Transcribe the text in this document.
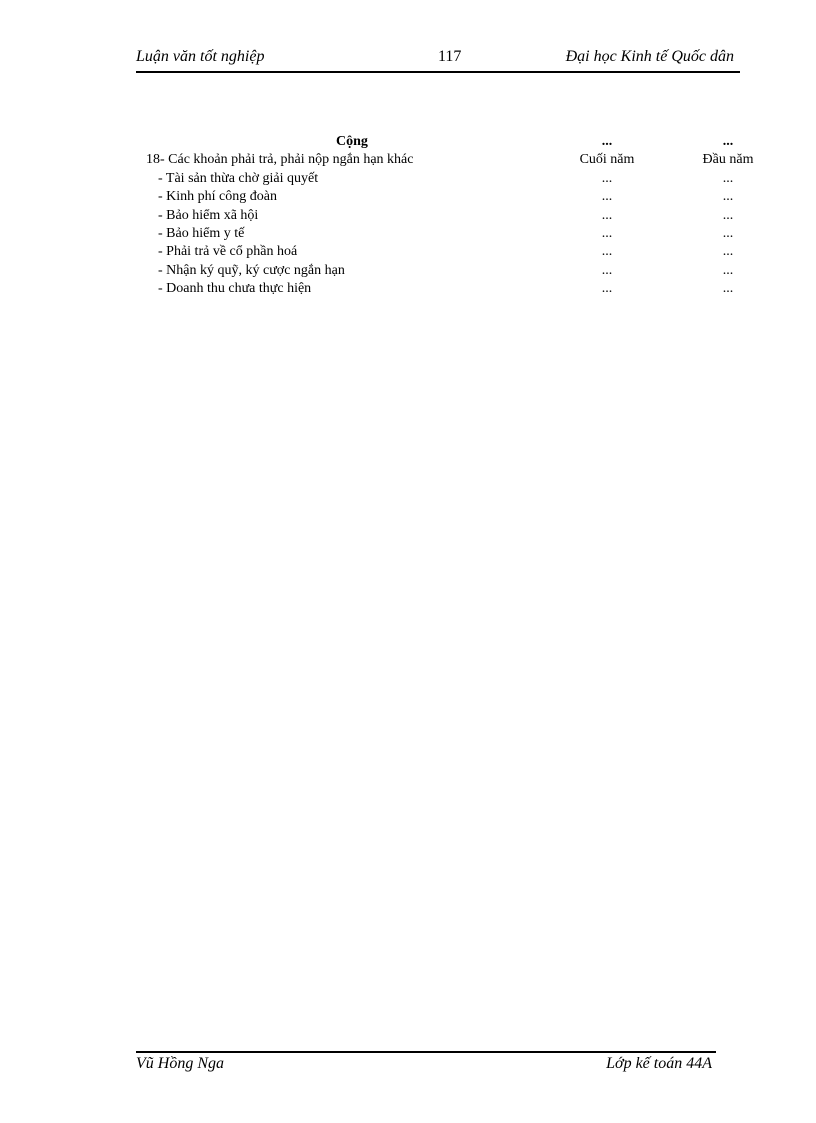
Luận văn tốt nghiệp	117	Đại học Kinh tế Quốc dân
Cộng	...	...
18- Các khoản phải trả, phải nộp ngắn hạn khác	Cuối năm	Đầu năm
- Tài sản thừa chờ giải quyết	...	...
- Kinh phí công đoàn	...	...
- Bảo hiểm xã hội	...	...
- Bảo hiểm y tế	...	...
- Phải trả về cổ phần hoá	...	...
- Nhận ký quỹ, ký cược ngắn hạn	...	...
- Doanh thu chưa thực hiện	...	...
Vũ Hồng Nga	Lớp kế toán 44A
